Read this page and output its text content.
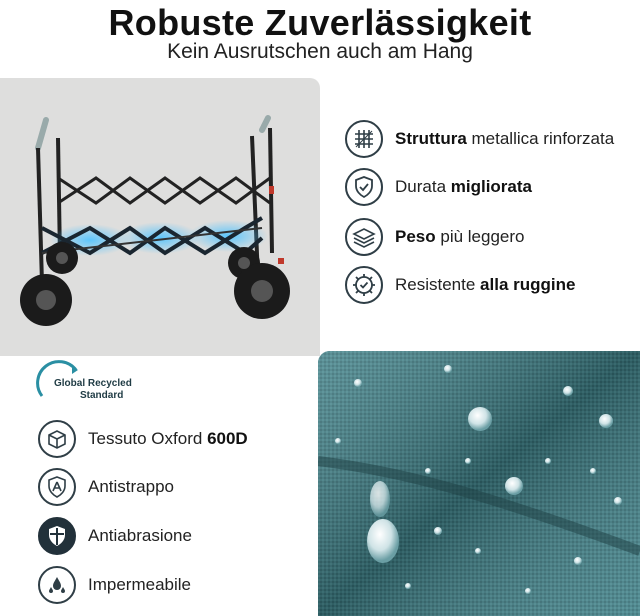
Robuste Zuverlässigkeit
Kein Ausrutschen auch am Hang
Struttura metallica rinforzata
Durata migliorata
Peso più leggero
Resistente alla ruggine
Global Recycled
Standard
Tessuto Oxford 600D
Antistrappo
Antiabrasione
Impermeabile
